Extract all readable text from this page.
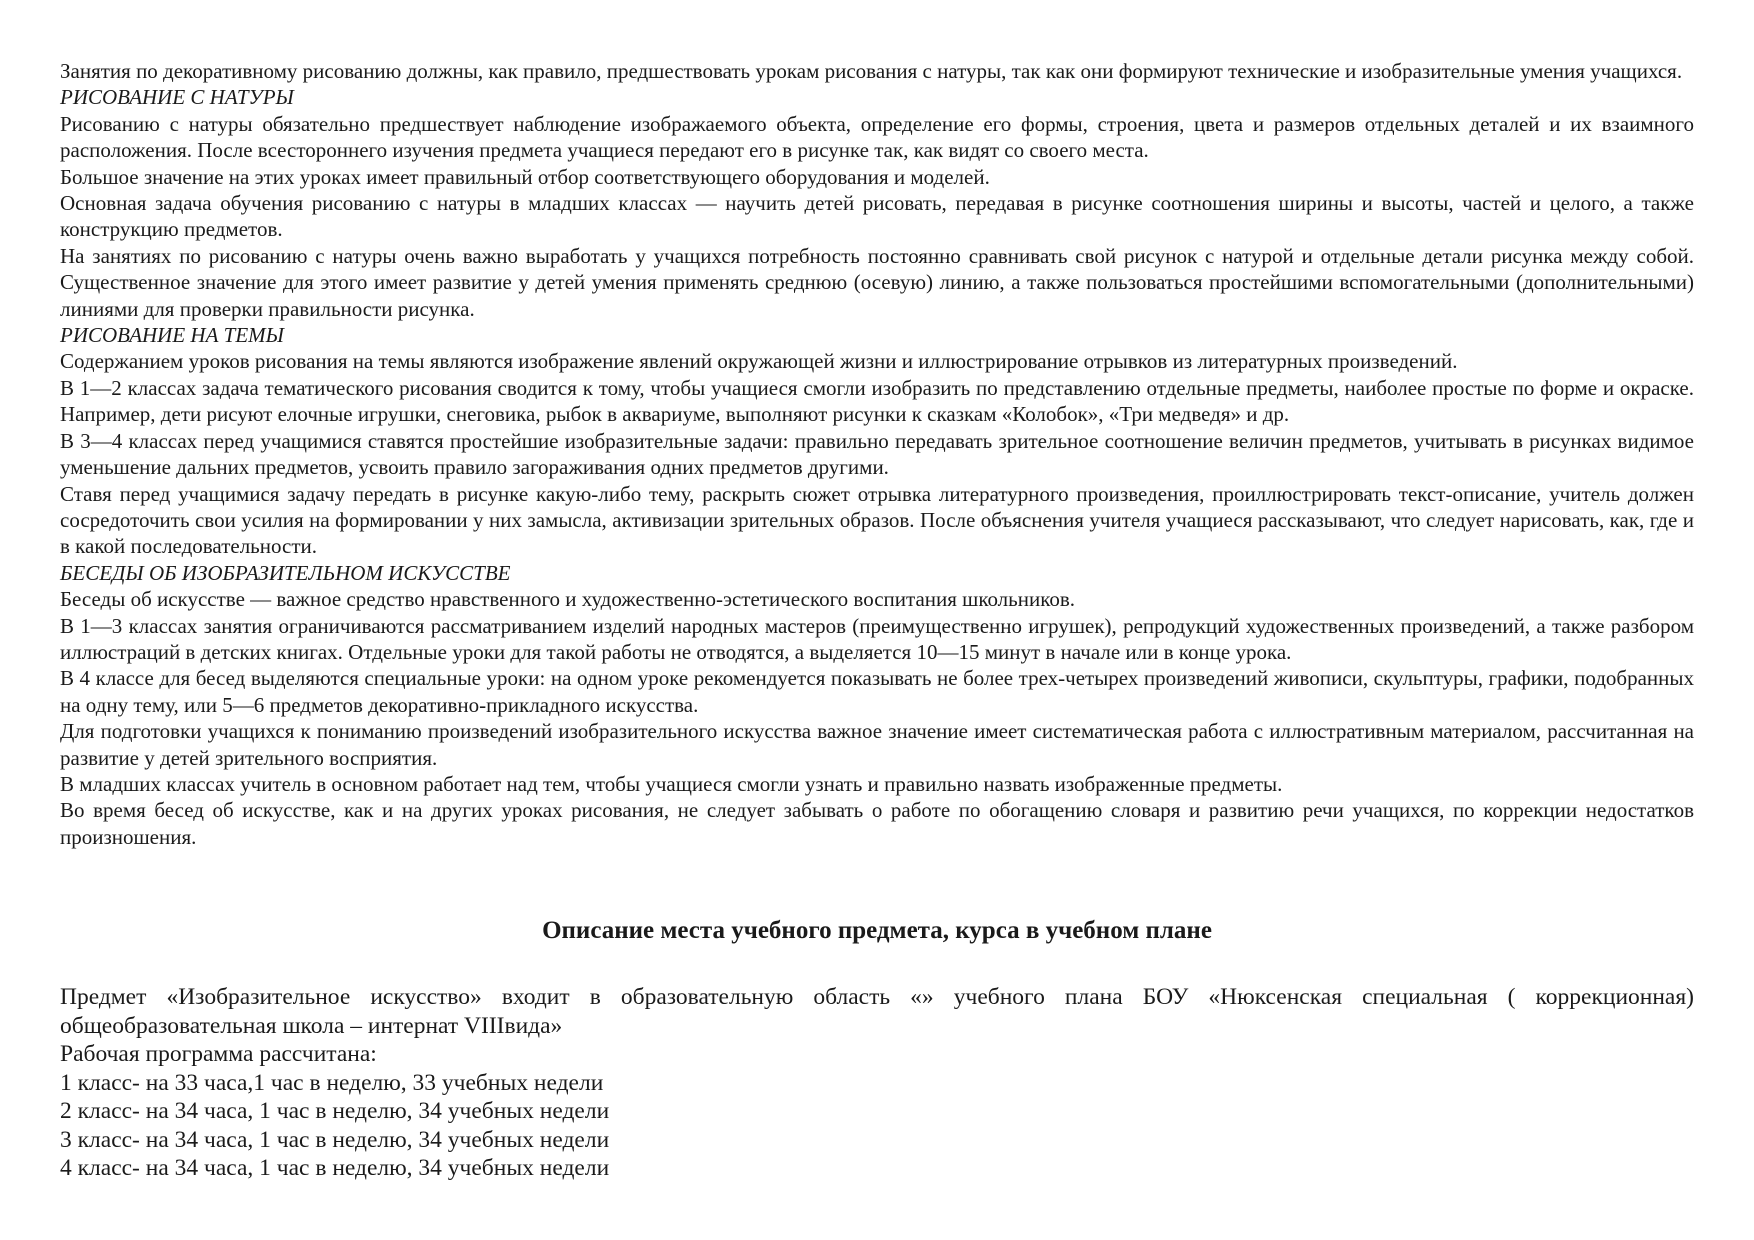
Занятия по декоративному рисованию должны, как правило, предшествовать урокам рисования с натуры, так как они формируют технические и изобразительные умения учащихся.

РИСОВАНИЕ С НАТУРЫ

Рисованию с натуры обязательно предшествует наблюдение изображаемого объекта, определение его формы, строения, цвета и размеров отдельных деталей и их взаимного расположения. После всестороннего изучения предмета учащиеся передают его в рисунке так, как видят со своего места.

Большое значение на этих уроках имеет правильный отбор соответствующего оборудования и моделей.

Основная задача обучения рисованию с натуры в младших классах — научить детей рисовать, передавая в рисунке соотношения ширины и высоты, частей и целого, а также конструкцию предметов.

На занятиях по рисованию с натуры очень важно выработать у учащихся потребность постоянно сравнивать свой рисунок с натурой и отдельные детали рисунка между собой. Существенное значение для этого имеет развитие у детей умения применять среднюю (осевую) линию, а также пользоваться простейшими вспомогательными (дополнительными) линиями для проверки правильности рисунка.

РИСОВАНИЕ НА ТЕМЫ

Содержанием уроков рисования на темы являются изображение явлений окружающей жизни и иллюстрирование отрывков из литературных произведений.

В 1—2 классах задача тематического рисования сводится к тому, чтобы учащиеся смогли изобразить по представлению отдельные предметы, наиболее простые по форме и окраске. Например, дети рисуют елочные игрушки, снеговика, рыбок в аквариуме, выполняют рисунки к сказкам «Колобок», «Три медведя» и др.

В 3—4 классах перед учащимися ставятся простейшие изобразительные задачи: правильно передавать зрительное соотношение величин предметов, учитывать в рисунках видимое уменьшение дальних предметов, усвоить правило загораживания одних предметов другими.

Ставя перед учащимися задачу передать в рисунке какую-либо тему, раскрыть сюжет отрывка литературного произведения, проиллюстрировать текст-описание, учитель должен сосредоточить свои усилия на формировании у них замысла, активизации зрительных образов. После объяснения учителя учащиеся рассказывают, что следует нарисовать, как, где и в какой последовательности.

БЕСЕДЫ ОБ ИЗОБРАЗИТЕЛЬНОМ ИСКУССТВЕ

Беседы об искусстве — важное средство нравственного и художественно-эстетического воспитания школьников.

В 1—3 классах занятия ограничиваются рассматриванием изделий народных мастеров (преимущественно игрушек), репродукций художественных произведений, а также разбором иллюстраций в детских книгах. Отдельные уроки для такой работы не отводятся, а выделяется 10—15 минут в начале или в конце урока.

В 4 классе для бесед выделяются специальные уроки: на одном уроке рекомендуется показывать не более трех-четырех произведений живописи, скульптуры, графики, подобранных на одну тему, или 5—6 предметов декоративно-прикладного искусства.

Для подготовки учащихся к пониманию произведений изобразительного искусства важное значение имеет систематическая работа с иллюстративным материалом, рассчитанная на развитие у детей зрительного восприятия.

В младших классах учитель в основном работает над тем, чтобы учащиеся смогли узнать и правильно назвать изображенные предметы.

Во время бесед об искусстве, как и на других уроках рисования, не следует забывать о работе по обогащению словаря и развитию речи учащихся, по коррекции недостатков произношения.

Описание места учебного предмета, курса в учебном плане

Предмет «Изобразительное искусство» входит в образовательную область «» учебного плана БОУ «Нюксенская специальная ( коррекционная) общеобразовательная школа – интернат VIIIвида»

Рабочая программа рассчитана:

1 класс- на 33 часа,1 час в неделю, 33 учебных недели

2 класс- на 34 часа, 1 час в неделю, 34 учебных недели

3 класс- на 34 часа, 1 час в неделю, 34 учебных недели

4 класс- на 34 часа, 1 час в неделю, 34 учебных недели
